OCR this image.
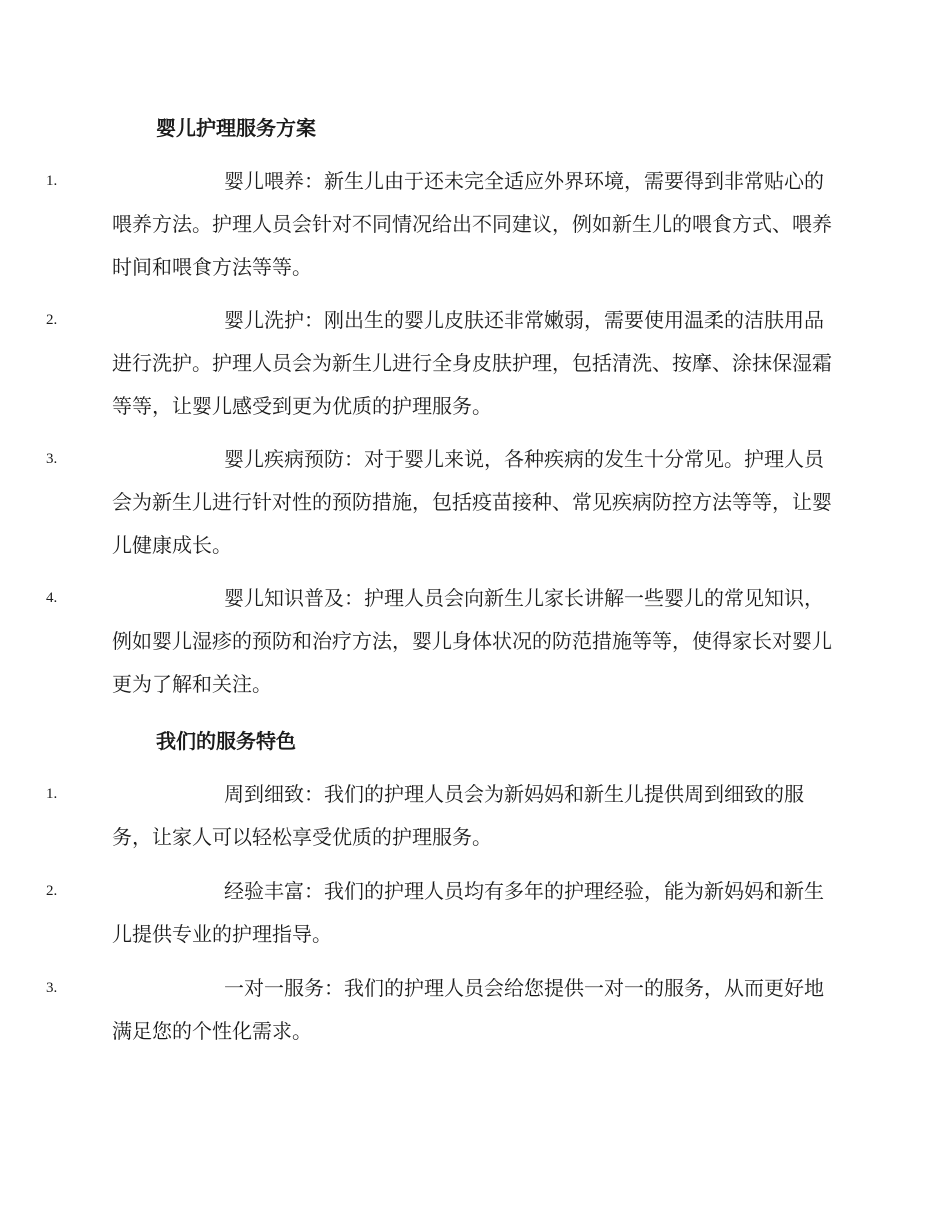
婴儿护理服务方案
1.	婴儿喂养：新生儿由于还未完全适应外界环境，需要得到非常贴心的喂养方法。护理人员会针对不同情况给出不同建议，例如新生儿的喂食方式、喂养时间和喂食方法等等。
2.	婴儿洗护：刚出生的婴儿皮肤还非常嫩弱，需要使用温柔的洁肤用品进行洗护。护理人员会为新生儿进行全身皮肤护理，包括清洗、按摩、涂抹保湿霜等等，让婴儿感受到更为优质的护理服务。
3.	婴儿疾病预防：对于婴儿来说，各种疾病的发生十分常见。护理人员会为新生儿进行针对性的预防措施，包括疫苗接种、常见疾病防控方法等等，让婴儿健康成长。
4.	婴儿知识普及：护理人员会向新生儿家长讲解一些婴儿的常见知识，例如婴儿湿疹的预防和治疗方法，婴儿身体状况的防范措施等等，使得家长对婴儿更为了解和关注。
我们的服务特色
1.	周到细致：我们的护理人员会为新妈妈和新生儿提供周到细致的服务，让家人可以轻松享受优质的护理服务。
2.	经验丰富：我们的护理人员均有多年的护理经验，能为新妈妈和新生儿提供专业的护理指导。
3.	一对一服务：我们的护理人员会给您提供一对一的服务，从而更好地满足您的个性化需求。
